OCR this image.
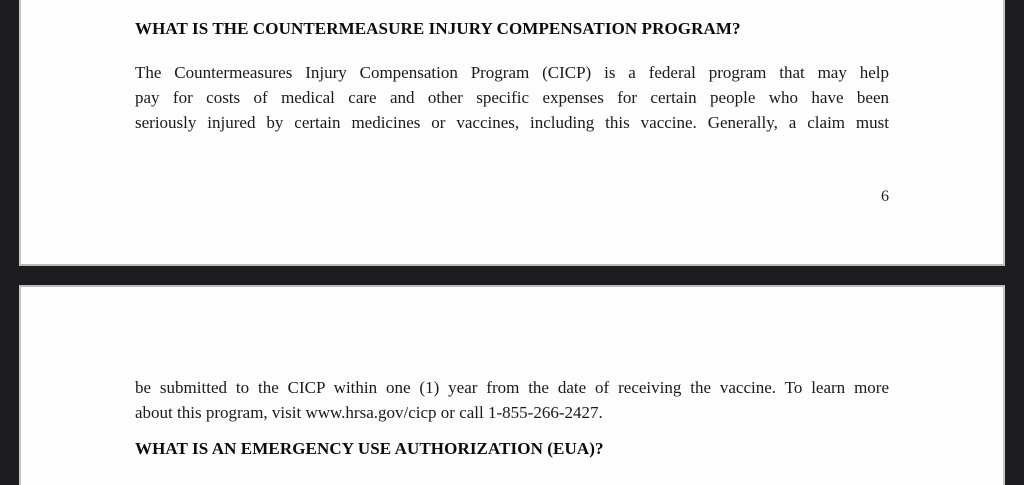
WHAT IS THE COUNTERMEASURE INJURY COMPENSATION PROGRAM?
The Countermeasures Injury Compensation Program (CICP) is a federal program that may help
pay for costs of medical care and other specific expenses for certain people who have been
seriously injured by certain medicines or vaccines, including this vaccine. Generally, a claim must
6
be submitted to the CICP within one (1) year from the date of receiving the vaccine. To learn more
about this program, visit www.hrsa.gov/cicp or call 1-855-266-2427.
WHAT IS AN EMERGENCY USE AUTHORIZATION (EUA)?
